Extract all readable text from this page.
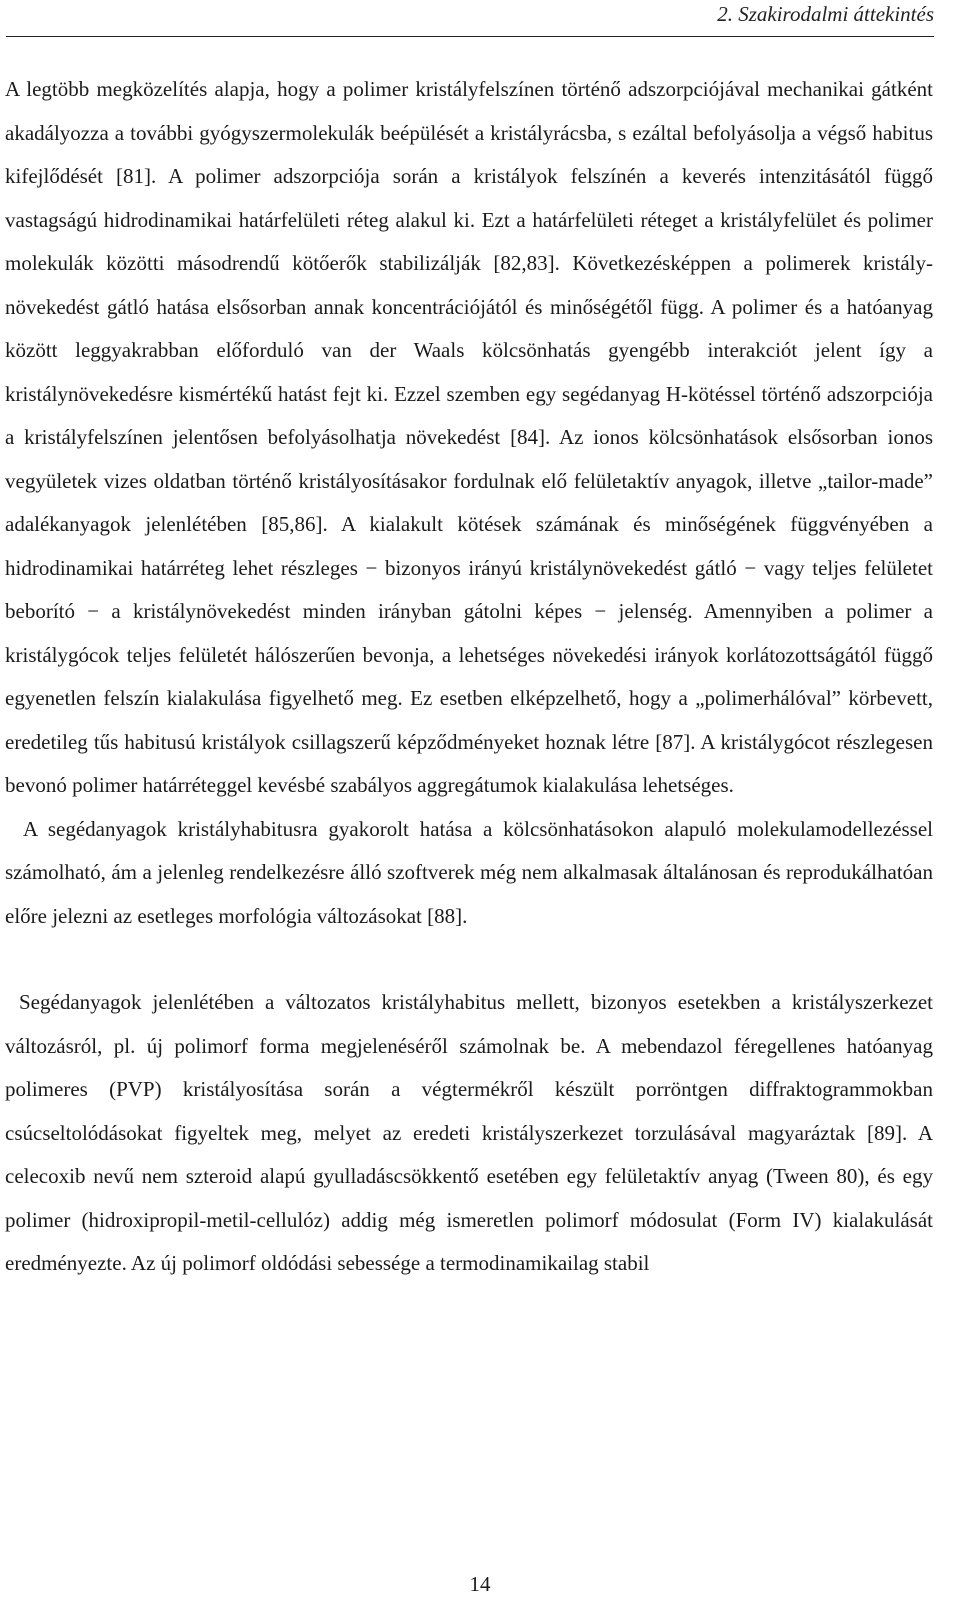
2. Szakirodalmi áttekintés

A legtöbb megközelítés alapja, hogy a polimer kristályfelszínen történő adszorpciójával mechanikai gátként akadályozza a további gyógyszermolekulák beépülését a kristályrácsba, s ezáltal befolyásolja a végső habitus kifejlődését [81]. A polimer adszorpciója során a kristályok felszínén a keverés intenzitásától függő vastagságú hidrodinamikai határfelületi réteg alakul ki. Ezt a határfelületi réteget a kristályfelület és polimer molekulák közötti másodrendű kötőerők stabilizálják [82,83]. Következésképpen a polimerek kristály-növekedést gátló hatása elsősorban annak koncentrációjától és minőségétől függ. A polimer és a hatóanyag között leggyakrabban előforduló van der Waals kölcsönhatás gyengébb interakciót jelent így a kristálynövekedésre kismértékű hatást fejt ki. Ezzel szemben egy segédanyag H-kötéssel történő adszorpciója a kristályfelszínen jelentősen befolyásolhatja növekedést [84]. Az ionos kölcsönhatások elsősorban ionos vegyületek vizes oldatban történő kristályosításakor fordulnak elő felületaktív anyagok, illetve „tailor-made” adalékanyagok jelenlétében [85,86]. A kialakult kötések számának és minőségének függvényében a hidrodinamikai határréteg lehet részleges − bizonyos irányú kristálynövekedést gátló − vagy teljes felületet beborító − a kristálynövekedést minden irányban gátolni képes − jelenség. Amennyiben a polimer a kristálygócok teljes felületét hálószerűen bevonja, a lehetséges növekedési irányok korlátozottságától függő egyenetlen felszín kialakulása figyelhető meg. Ez esetben elképzelhető, hogy a „polimerhálóval” körbevett, eredetileg tűs habitusú kristályok csillagszerű képződményeket hoznak létre [87]. A kristálygócot részlegesen bevonó polimer határréteggel kevésbé szabályos aggregátumok kialakulása lehetséges.

A segédanyagok kristályhabitusra gyakorolt hatása a kölcsönhatásokon alapuló molekulamodellezéssel számolható, ám a jelenleg rendelkezésre álló szoftverek még nem alkalmasak általánosan és reprodukálhatóan előre jelezni az esetleges morfológia változásokat [88].

Segédanyagok jelenlétében a változatos kristályhabitus mellett, bizonyos esetekben a kristályszerkezet változásról, pl. új polimorf forma megjelenéséről számolnak be. A mebendazol féregellenes hatóanyag polimeres (PVP) kristályosítása során a végtermékről készült porröntgen diffraktogrammokban csúcseltolódásokat figyeltek meg, melyet az eredeti kristályszerkezet torzulásával magyaráztak [89]. A celecoxib nevű nem szteroid alapú gyulladáscsökkentő esetében egy felületaktív anyag (Tween 80), és egy polimer (hidroxipropil-metil-cellulóz) addig még ismeretlen polimorf módosulat (Form IV) kialakulását eredményezte. Az új polimorf oldódási sebessége a termodinamikailag stabil

14
